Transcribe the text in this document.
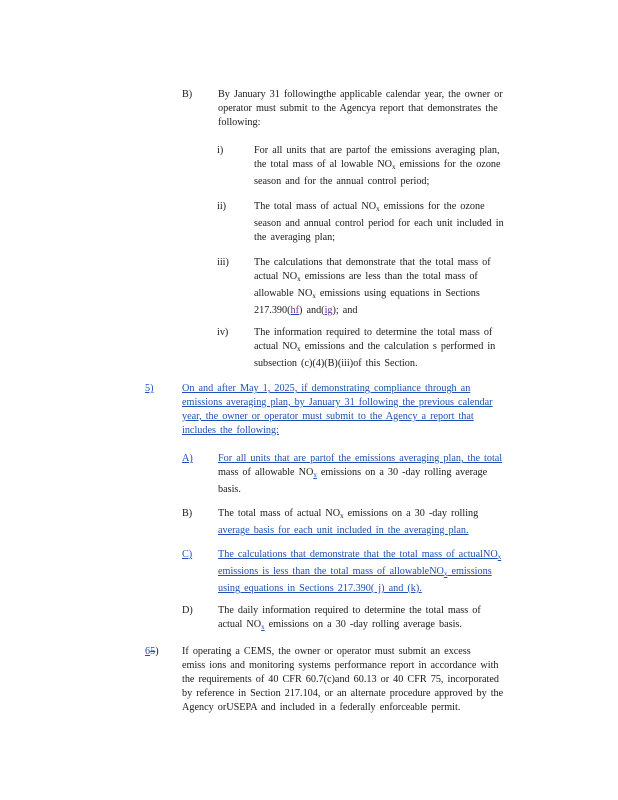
B)	By January 31 followingthe applicable calendar year, the owner or
operator must submit to the Agencya report that demonstrates the
following:
i)	For all units that are partof the emissions averaging plan,
the total mass of al lowable $NO_x$ emissions for the ozone
season and for the annual control period;
ii)	The total mass of actual $NO_x$ emissions for the ozone
season and annual control period for each unit included in
the averaging plan;
iii) The calculations that demonstrate that the total mass of
actual $NO_x$ emissions are less than the total mass of
allowable $NO_x$ emissions using equations in Sections
217.390(hf) and(ig); and
iv)	The information required to determine the total mass of
actual $NO_x$ emissions and the calculation s performed in
subsection (c)(4)(B)(iii)of this Section.
5)	On and after May 1, 2025, if demonstrating compliance through an
emissions averaging plan, by January 31 following the previous calendar
year, the owner or operator must submit to the Agency a report that
includes the following:
A) For all units that are partof the emissions averaging plan, the total
mass of allowable $NO_x$ emissions on a 30 -day rolling average
basis.
B)	The total mass of actual $NO_x$ emissions on a 30 -day rolling
average basis for each unit included in the averaging plan.
C)	The calculations that demonstrate that the total mass of actualNO$_x$
emissions is less than the total mass of allowableNO$_x$ emissions
using equations in Sections 217.390( j) and (k).
D) The daily information required to determine the total mass of
actual $NO_x$ emissions on a 30 -day rolling average basis.
65) If operating a CEMS, the owner or operator must submit an excess
emiss ions and monitoring systems performance report in accordance with
the requirements of 40 CFR 60.7(c)and 60.13 or 40 CFR 75, incorporated
by reference in Section 217.104, or an alternate procedure approved by the
Agency orUSEPA and included in a federally enforceable permit.
